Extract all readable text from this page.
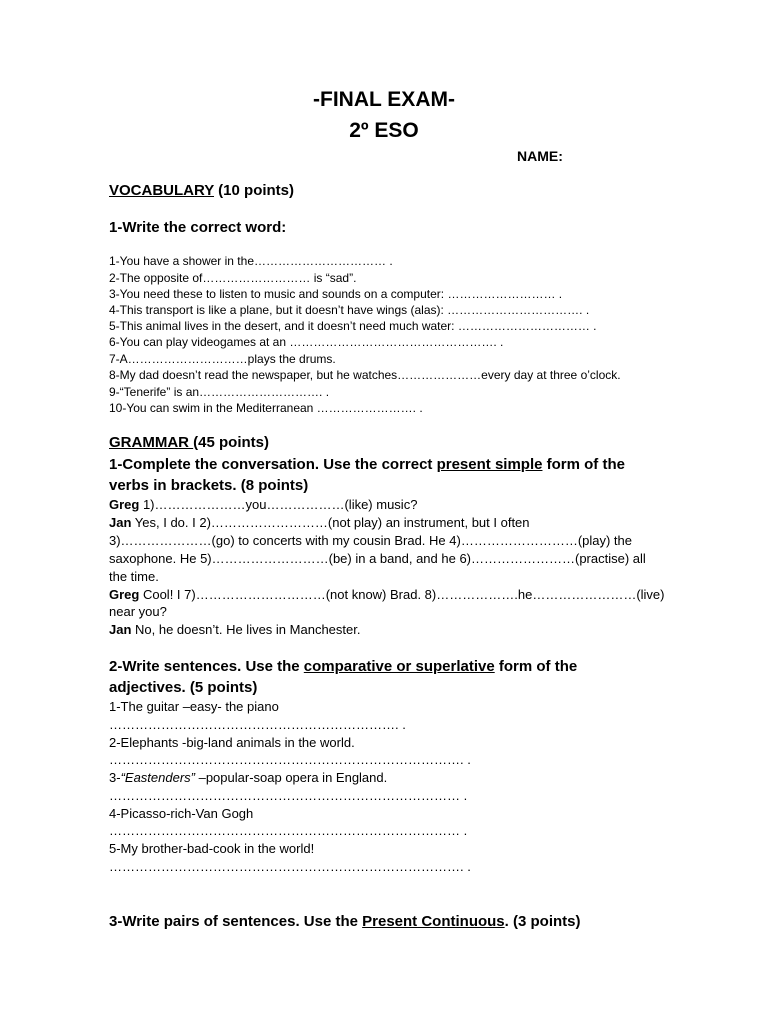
-FINAL EXAM-
2º ESO
NAME:
VOCABULARY (10 points)
1-Write the correct word:
1-You have a shower in the…………………………… .
2-The opposite of……………………… is “sad”.
3-You need these to listen to music and sounds on a computer: ……………………… .
4-This transport is like a plane, but it doesn’t have wings (alas): ……………………………. .
5-This animal lives in the desert, and it doesn’t need much water: …………………………… .
6-You can play videogames at an ……………………………………………. .
7-A…………………………plays the drums.
8-My dad doesn’t read the newspaper, but he watches…………………every day at three o’clock.
9-“Tenerife” is an…………………………. .
10-You can swim in the Mediterranean ……………………. .
GRAMMAR (45 points)
1-Complete the conversation. Use the correct present simple form of the
verbs in brackets. (8 points)
Greg 1)…………………you………………(like) music?
Jan Yes, I do. I 2)………………………(not play) an instrument, but I often
3)…………………(go) to concerts with my cousin Brad. He 4)………………………(play) the
saxophone. He 5)………………………(be) in a band, and he 6)……………………(practise) all
the time.
Greg Cool! I 7)…………………………(not know) Brad. 8)……………….he……………………(live)
near you?
Jan No, he doesn’t. He lives in Manchester.
2-Write sentences. Use the comparative or superlative form of the
adjectives. (5 points)
1-The guitar –easy- the piano
…………………………………………………………. .
2-Elephants -big-land animals in the world.
………………………………………………………………………. .
3-“Eastenders” –popular-soap opera in England.
……………………………………………………………………… .
4-Picasso-rich-Van Gogh
……………………………………………………………………… .
5-My brother-bad-cook in the world!
………………………………………………………………………. .
3-Write pairs of sentences. Use the Present Continuous. (3 points)
